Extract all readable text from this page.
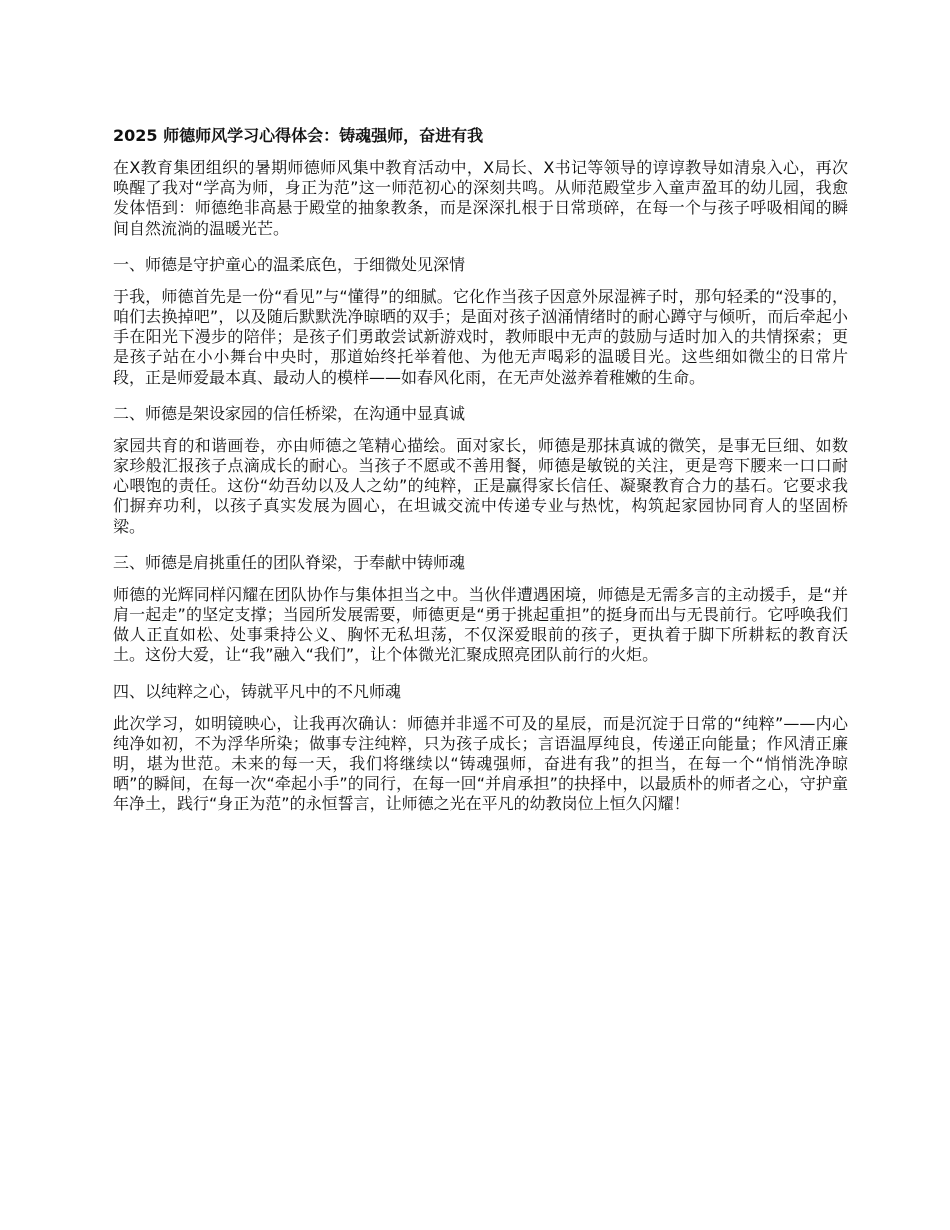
2025 师德师风学习心得体会：铸魂强师，奋进有我

在X教育集团组织的暑期师德师风集中教育活动中，X局长、X书记等领导的谆谆教导如清泉入心，再次唤醒了我对“学高为师，身正为范”这一师范初心的深刻共鸣。从师范殿堂步入童声盈耳的幼儿园，我愈发体悟到：师德绝非高悬于殿堂的抽象教条，而是深深扎根于日常琐碎，在每一个与孩子呼吸相闻的瞬间自然流淌的温暖光芒。

一、师德是守护童心的温柔底色，于细微处见深情

于我，师德首先是一份“看见”与“懂得”的细腻。它化作当孩子因意外尿湿裤子时，那句轻柔的“没事的，咱们去换掉吧”，以及随后默默洗净晾晒的双手；是面对孩子汹涌情绪时的耐心蹲守与倾听，而后牵起小手在阳光下漫步的陪伴；是孩子们勇敢尝试新游戏时，教师眼中无声的鼓励与适时加入的共情探索；更是孩子站在小小舞台中央时，那道始终托举着他、为他无声喝彩的温暖目光。这些细如微尘的日常片段，正是师爱最本真、最动人的模样——如春风化雨，在无声处滋养着稚嫩的生命。

二、师德是架设家园的信任桥梁，在沟通中显真诚

家园共育的和谐画卷，亦由师德之笔精心描绘。面对家长，师德是那抹真诚的微笑，是事无巨细、如数家珍般汇报孩子点滴成长的耐心。当孩子不愿或不善用餐，师德是敏锐的关注，更是弯下腰来一口口耐心喂饱的责任。这份“幼吾幼以及人之幼”的纯粹，正是赢得家长信任、凝聚教育合力的基石。它要求我们摒弃功利，以孩子真实发展为圆心，在坦诚交流中传递专业与热忱，构筑起家园协同育人的坚固桥梁。

三、师德是肩挑重任的团队脊梁，于奉献中铸师魂

师德的光辉同样闪耀在团队协作与集体担当之中。当伙伴遭遇困境，师德是无需多言的主动援手，是“并肩一起走”的坚定支撑；当园所发展需要，师德更是“勇于挑起重担”的挺身而出与无畏前行。它呼唤我们做人正直如松、处事秉持公义、胸怀无私坦荡，不仅深爱眼前的孩子，更执着于脚下所耕耘的教育沃土。这份大爱，让“我”融入“我们”，让个体微光汇聚成照亮团队前行的火炬。

四、以纯粹之心，铸就平凡中的不凡师魂

此次学习，如明镜映心，让我再次确认：师德并非遥不可及的星辰，而是沉淀于日常的“纯粹”——内心纯净如初，不为浮华所染；做事专注纯粹，只为孩子成长；言语温厚纯良，传递正向能量；作风清正廉明，堪为世范。未来的每一天，我们将继续以“铸魂强师，奋进有我”的担当，在每一个“悄悄洗净晾晒”的瞬间，在每一次“牵起小手”的同行，在每一回“并肩承担”的抉择中，以最质朴的师者之心，守护童年净土，践行“身正为范”的永恒誓言，让师德之光在平凡的幼教岗位上恒久闪耀！
